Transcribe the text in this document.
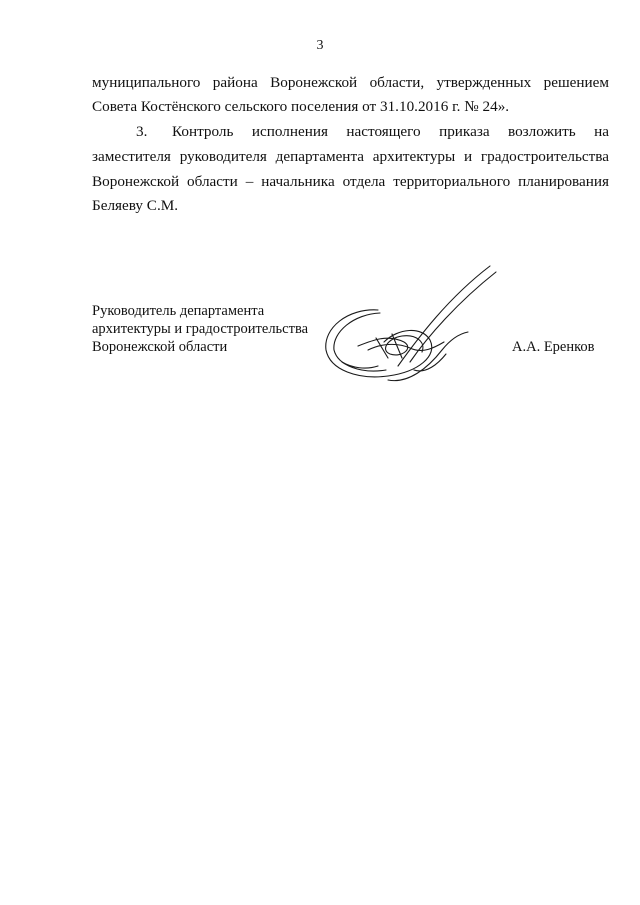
3
муниципального района Воронежской области, утвержденных решением
Совета Костёнского сельского поселения от 31.10.2016 г. № 24».
3. Контроль исполнения настоящего приказа возложить на
заместителя руководителя департамента архитектуры и градостроительства
Воронежской области – начальника отдела территориального планирования
Беляеву С.М.
Руководитель департамента
архитектуры и градостроительства
Воронежской области	А.А. Еренков
